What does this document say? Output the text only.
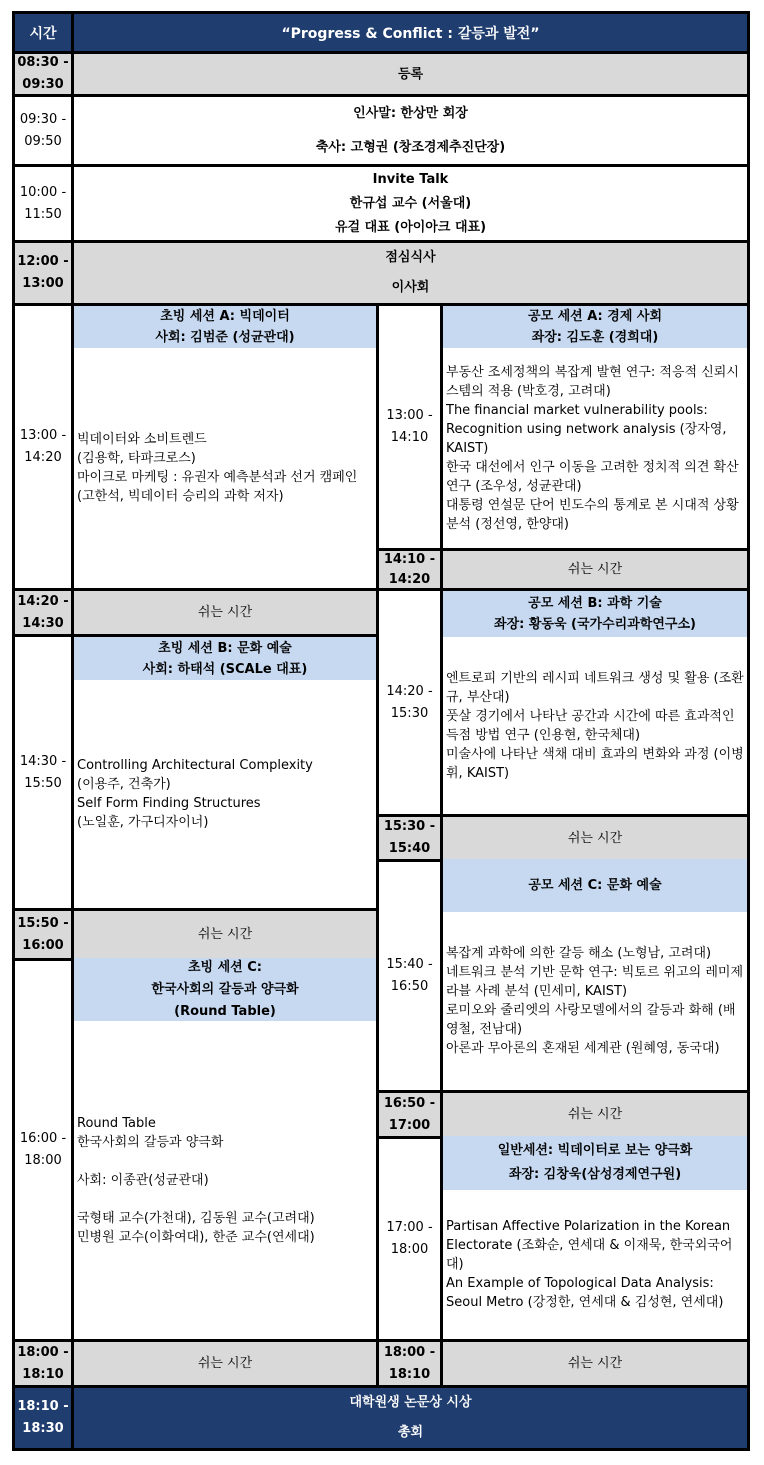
시간	“Progress & Conflict : 갈등과 발전”
08:30 -
09:30
등록
09:30 -
09:50
인사말: 한상만 회장
축사: 고형권 (창조경제추진단장)
10:00 -
11:50
Invite Talk
한규섭 교수 (서울대)
유걸 대표 (아이아크 대표)
12:00 -
13:00
점심식사
이사회
13:00 -
14:20
초빙 세션 A: 빅데이터
사회: 김범준 (성균관대)
빅데이터와 소비트렌드
(김용학, 타파크로스)
마이크로 마케팅 : 유권자 예측분석과 선거 캠페인 (고한석, 빅데이터 승리의 과학 저자)
14:20 -
14:30
쉬는 시간
14:30 -
15:50
초빙 세션 B: 문화 예술
사회: 하태석 (SCALe 대표)
Controlling Architectural Complexity
(이용주, 건축가)
Self Form Finding Structures
(노일훈, 가구디자이너)
15:50 -
16:00
쉬는 시간
16:00 -
18:00
초빙 세션 C:
한국사회의 갈등과 양극화
(Round Table)
Round Table
한국사회의 갈등과 양극화
사회: 이종관(성균관대)
국형태 교수(가천대), 김동원 교수(고려대)
민병원 교수(이화여대), 한준 교수(연세대)
18:00 -
18:10
쉬는 시간
13:00 -
14:10
공모 세션 A: 경제 사회
좌장: 김도훈 (경희대)
부동산 조세정책의 복잡계 발현 연구: 적응적 신뢰시스템의 적용 (박호경, 고려대)
The financial market vulnerability pools: Recognition using network analysis (장자영, KAIST)
한국 대선에서 인구 이동을 고려한 정치적 의견 확산 연구 (조우성, 성균관대)
대통령 연설문 단어 빈도수의 통계로 본 시대적 상황 분석 (정선영, 한양대)
14:10 -
14:20
쉬는 시간
14:20 -
15:30
공모 세션 B: 과학 기술
좌장: 황동욱 (국가수리과학연구소)
엔트로피 기반의 레시피 네트워크 생성 및 활용 (조환규, 부산대)
풋살 경기에서 나타난 공간과 시간에 따른 효과적인 득점 방법 연구 (인용현, 한국체대)
미술사에 나타난 색채 대비 효과의 변화와 과정 (이병휘, KAIST)
15:30 -
15:40
쉬는 시간
15:40 -
16:50
공모 세션 C: 문화 예술
복잡계 과학에 의한 갈등 해소 (노형남, 고려대)
네트워크 분석 기반 문학 연구: 빅토르 위고의 레미제라블 사례 분석 (민세미, KAIST)
로미오와 줄리엣의 사랑모델에서의 갈등과 화해 (배영철, 전남대)
아론과 무아론의 혼재된 세계관 (원혜영, 동국대)
16:50 -
17:00
쉬는 시간
17:00 -
18:00
일반세션: 빅데이터로 보는 양극화
좌장: 김창욱(삼성경제연구원)
Partisan Affective Polarization in the Korean Electorate (조화순, 연세대 & 이재묵, 한국외국어대)
An Example of Topological Data Analysis: Seoul Metro (강정한, 연세대 & 김성현, 연세대)
18:00 -
18:10
쉬는 시간
18:10 -
18:30
대학원생 논문상 시상
총회
